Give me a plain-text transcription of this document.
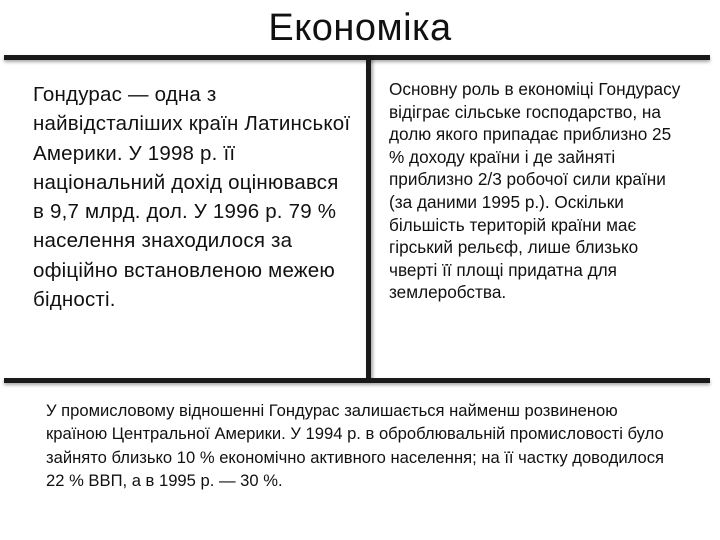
Економіка
Гондурас — одна з найвідсталіших країн Латинської Америки. У 1998 р. її національний дохід оцінювався в 9,7 млрд. дол. У 1996 р. 79 % населення знаходилося за офіційно встановленою межею бідності.
Основну роль в економіці Гондурасу відіграє сільське господарство, на долю якого припадає приблизно 25 % доходу країни і де зайняті приблизно 2/3 робочої сили країни (за даними 1995 р.). Оскільки більшість територій країни має гірський рельєф, лише близько чверті її площі придатна для землеробства.
У промисловому відношенні Гондурас залишається найменш розвиненою країною Центральної Америки. У 1994 р. в оброблювальній промисловості було зайнято близько 10 % економічно активного населення; на її частку доводилося 22 % ВВП, а в 1995 р. — 30 %.
